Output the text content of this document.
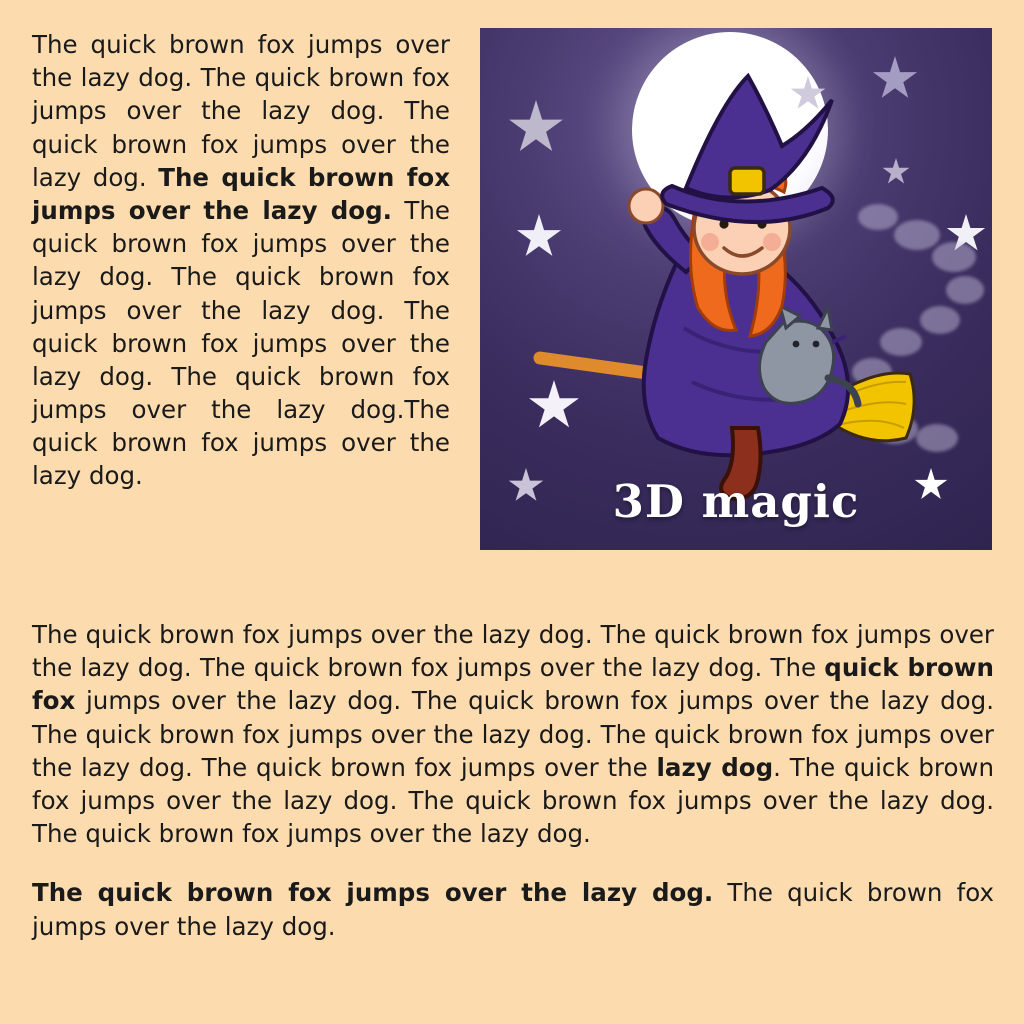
The quick brown fox jumps over the lazy dog. The quick brown fox jumps over the lazy dog. The quick brown fox jumps over the lazy dog. The quick brown fox jumps over the lazy dog. The quick brown fox jumps over the lazy dog. The quick brown fox jumps over the lazy dog. The quick brown fox jumps over the lazy dog. The quick brown fox jumps over the lazy dog.The quick brown fox jumps over the lazy dog.	3D magic

The quick brown fox jumps over the lazy dog. The quick brown fox jumps over the lazy dog. The quick brown fox jumps over the lazy dog. The quick brown fox jumps over the lazy dog. The quick brown fox jumps over the lazy dog. The quick brown fox jumps over the lazy dog. The quick brown fox jumps over the lazy dog. The quick brown fox jumps over the lazy dog. The quick brown fox jumps over the lazy dog. The quick brown fox jumps over the lazy dog. The quick brown fox jumps over the lazy dog.

The quick brown fox jumps over the lazy dog. The quick brown fox jumps over the lazy dog.
